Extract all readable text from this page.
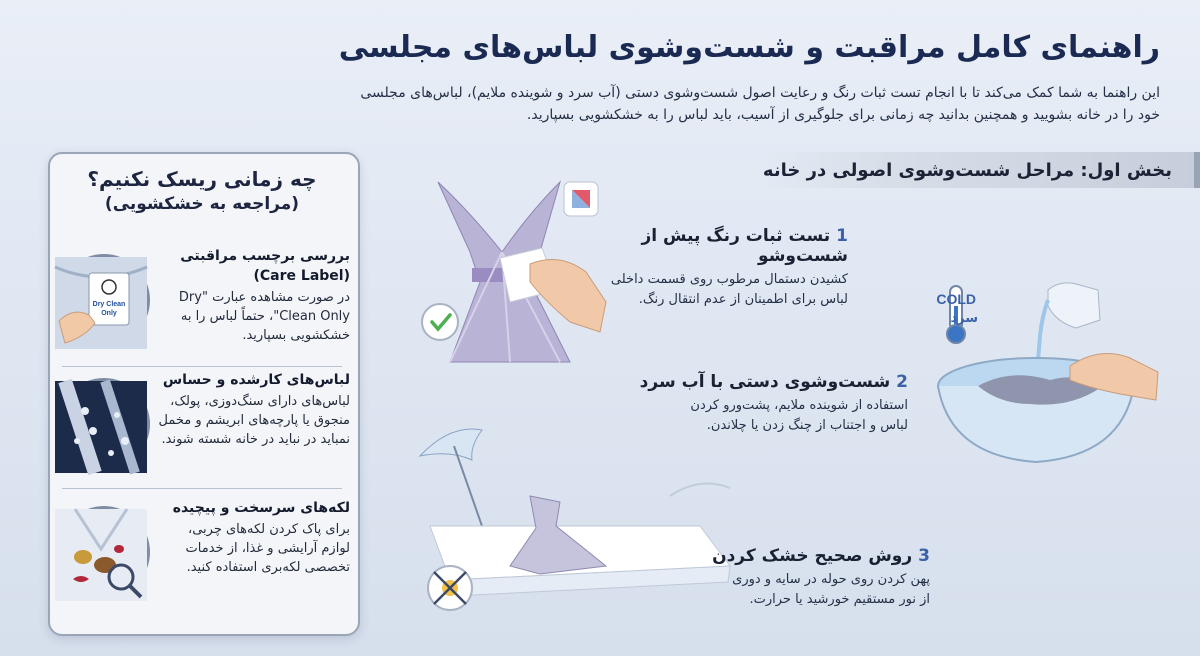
راهنمای کامل مراقبت و شست‌وشوی لباس‌های مجلسی
این راهنما به شما کمک می‌کند تا با انجام تست ثبات رنگ و رعایت اصول شست‌وشوی دستی (آب سرد و شوینده ملایم)، لباس‌های مجلسی خود را در خانه بشویید و همچنین بدانید چه زمانی برای جلوگیری از آسیب، باید لباس را به خشکشویی بسپارید.
بخش اول: مراحل شست‌وشوی اصولی در خانه
چه زمانی ریسک نکنیم؟
(مراجعه به خشکشویی)
بررسی برچسب مراقبتی (Care Label)
در صورت مشاهده عبارت "Dry Clean Only"، حتماً لباس را به خشکشویی بسپارید.
Dry Clean
Only
لباس‌های کارشده و حساس
لباس‌های دارای سنگ‌دوزی، پولک، منجوق یا پارچه‌های ابریشم و مخمل نمباید در نباید در خانه شسته شوند.
لکه‌های سرسخت و پیچیده
برای پاک کردن لکه‌های چربی، لوازم آرایشی و غذا، از خدمات تخصصی لکه‌بری استفاده کنید.
1تست ثبات رنگ پیش از شست‌وشو
کشیدن دستمال مرطوب روی قسمت داخلی
لباس برای اطمینان از عدم انتقال رنگ.	COLD
سرد
2شست‌وشوی دستی با آب سرد
استفاده از شوینده ملایم، پشت‌ورو کردن
لباس و اجتناب از چنگ زدن یا چلاندن.
3روش صحیح خشک کردن
پهن کردن روی حوله در سایه و دوری
از نور مستقیم خورشید یا حرارت.
